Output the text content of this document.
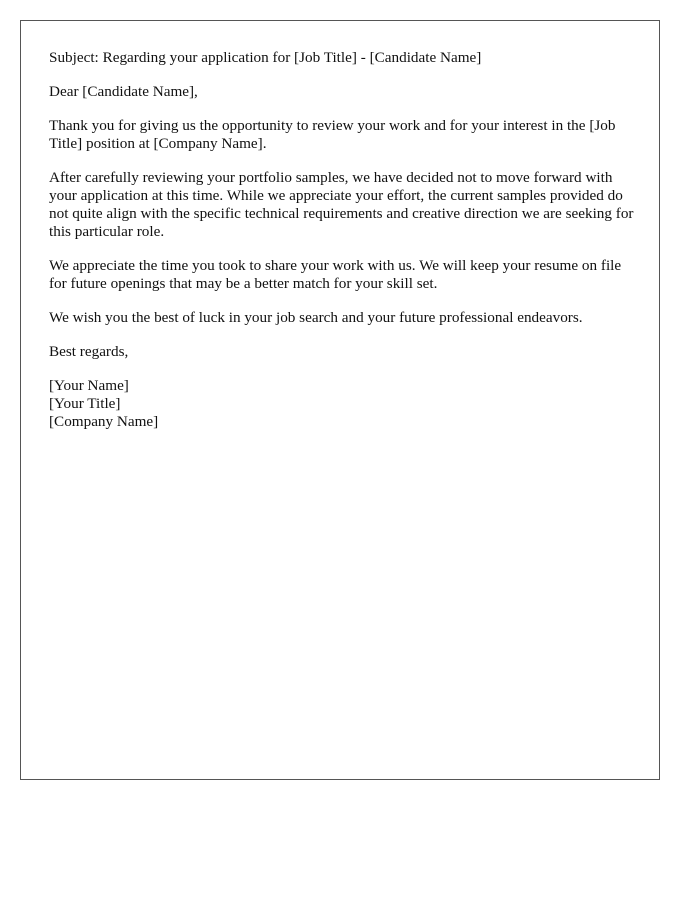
Subject: Regarding your application for [Job Title] - [Candidate Name]

Dear [Candidate Name],

Thank you for giving us the opportunity to review your work and for your interest in the [Job Title] position at [Company Name].

After carefully reviewing your portfolio samples, we have decided not to move forward with your application at this time. While we appreciate your effort, the current samples provided do not quite align with the specific technical requirements and creative direction we are seeking for this particular role.

We appreciate the time you took to share your work with us. We will keep your resume on file for future openings that may be a better match for your skill set.

We wish you the best of luck in your job search and your future professional endeavors.

Best regards,

[Your Name]
[Your Title]
[Company Name]
